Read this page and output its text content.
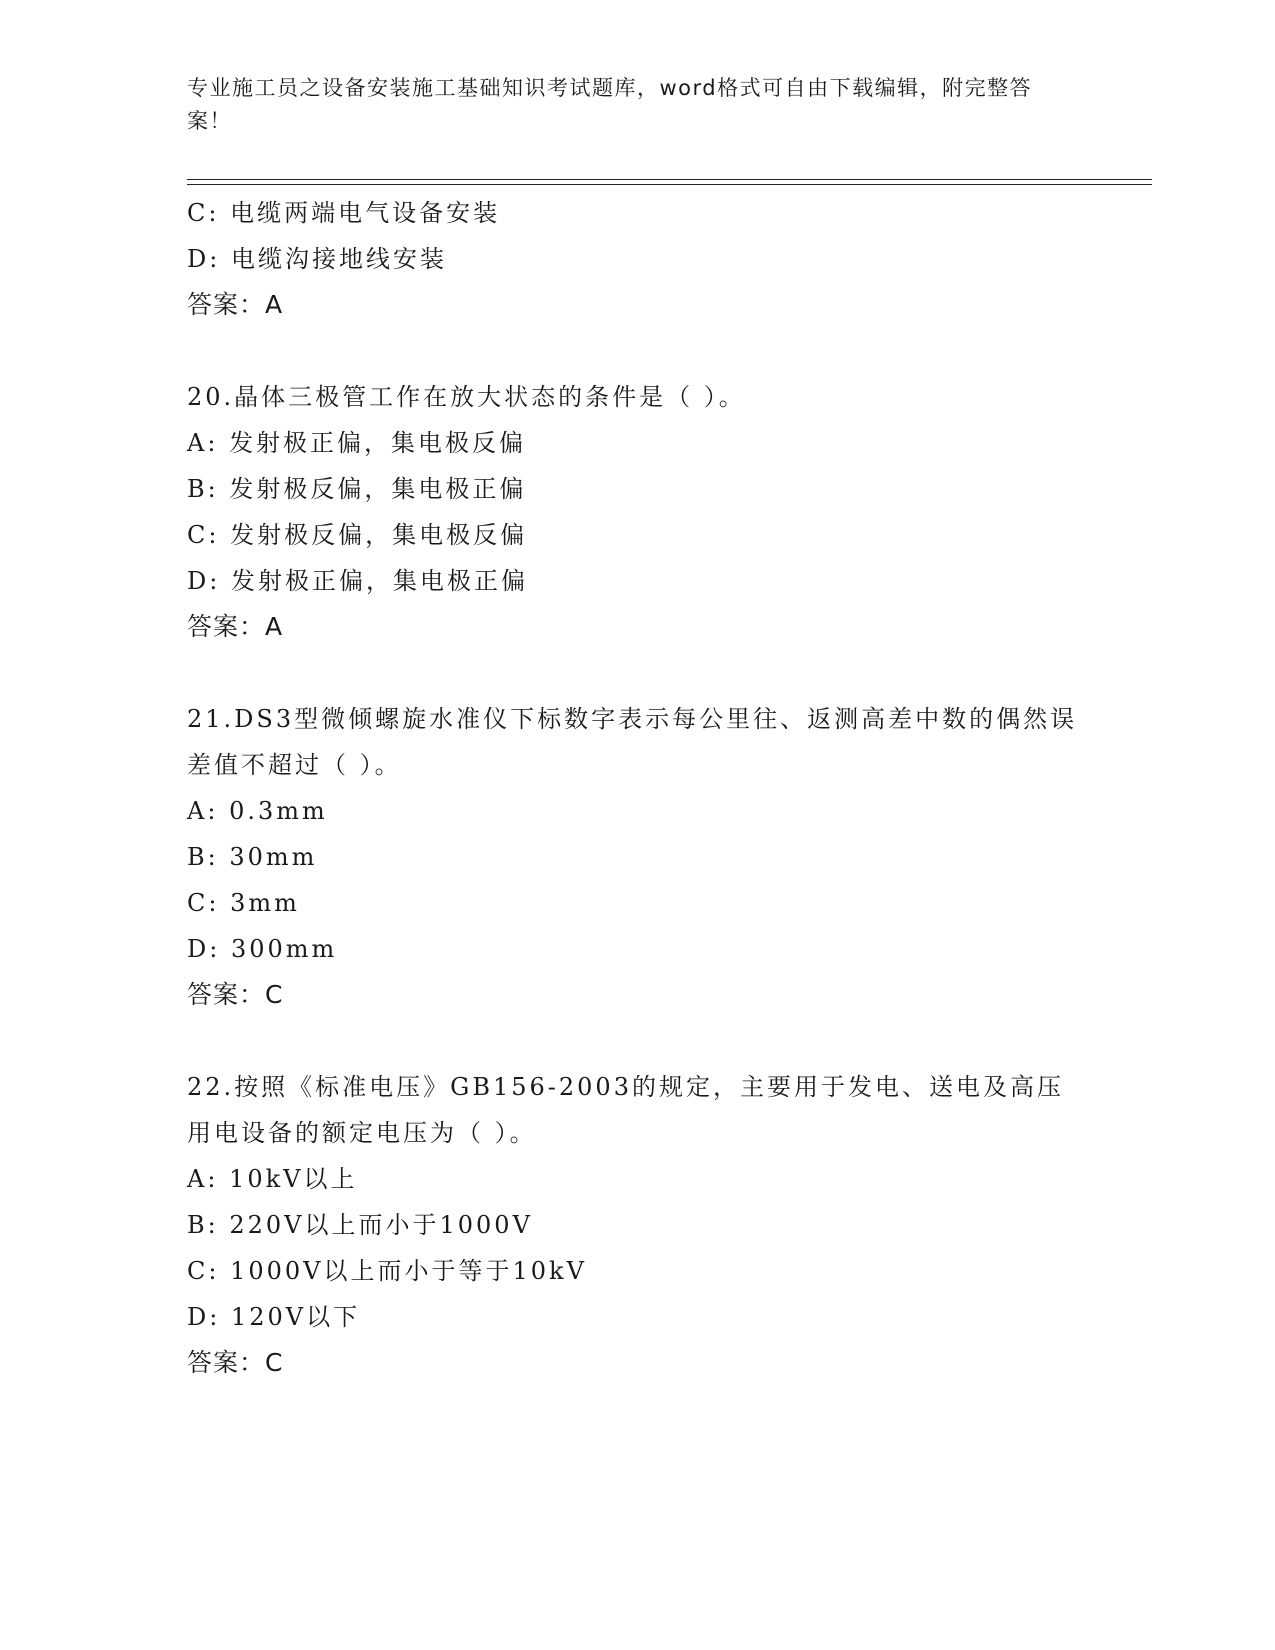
专业施工员之设备安装施工基础知识考试题库，word格式可自由下载编辑，附完整答案！
C: 电缆两端电气设备安装
D: 电缆沟接地线安装
答案：A
20.晶体三极管工作在放大状态的条件是（ ）。
A: 发射极正偏，集电极反偏
B: 发射极反偏，集电极正偏
C: 发射极反偏，集电极反偏
D: 发射极正偏，集电极正偏
答案：A
21.DS3型微倾螺旋水准仪下标数字表示每公里往、返测高差中数的偶然误差值不超过（ ）。
A: 0.3mm
B: 30mm
C: 3mm
D: 300mm
答案：C
22.按照《标准电压》GB156-2003的规定，主要用于发电、送电及高压用电设备的额定电压为（ ）。
A: 10kV以上
B: 220V以上而小于1000V
C: 1000V以上而小于等于10kV
D: 120V以下
答案：C
